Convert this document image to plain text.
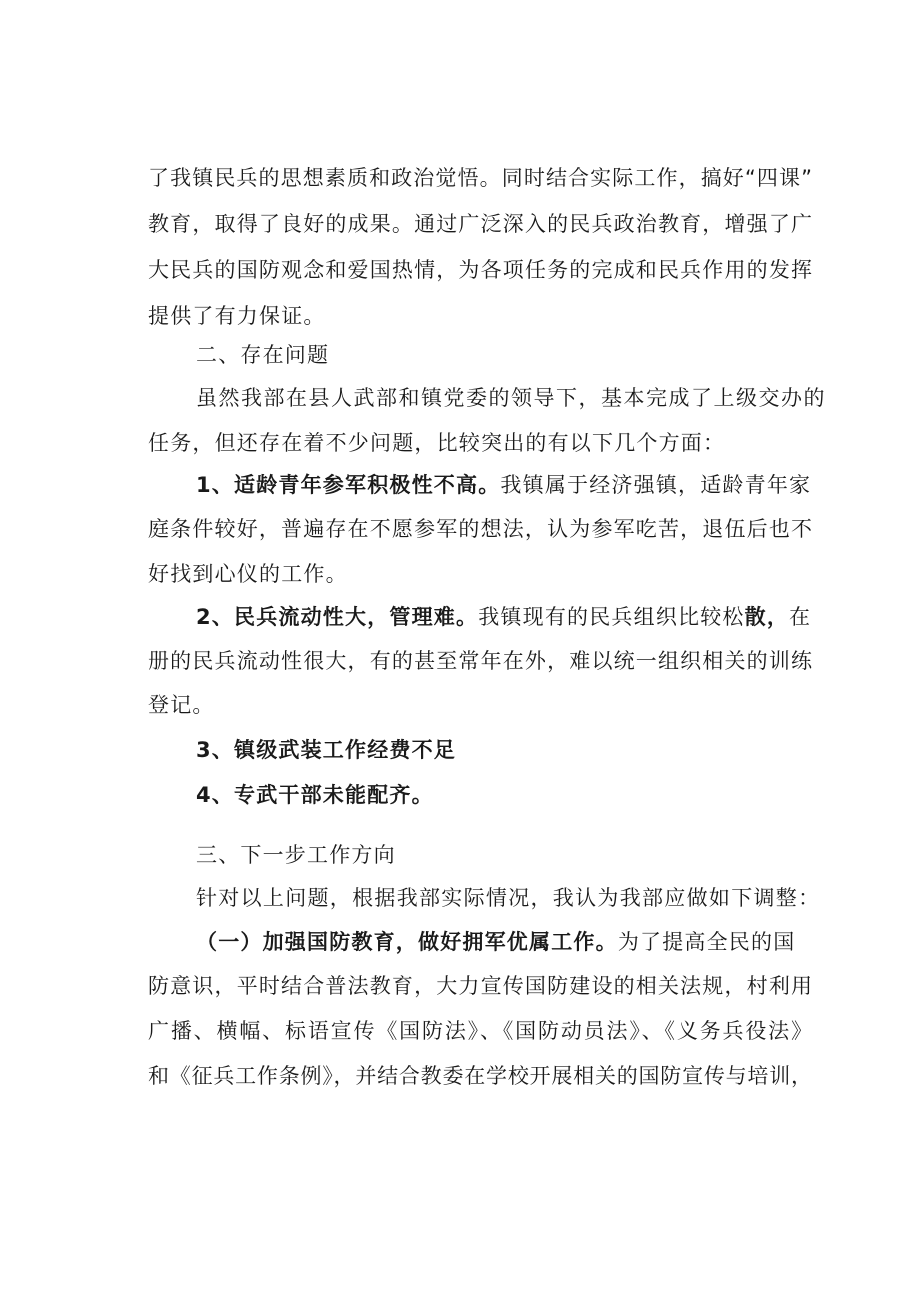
了我镇民兵的思想素质和政治觉悟。同时结合实际工作，搞好“四课”
教育，取得了良好的成果。通过广泛深入的民兵政治教育，增强了广
大民兵的国防观念和爱国热情，为各项任务的完成和民兵作用的发挥
提供了有力保证。
二、存在问题
虽然我部在县人武部和镇党委的领导下，基本完成了上级交办的
任务，但还存在着不少问题，比较突出的有以下几个方面：
1、适龄青年参军积极性不高。我镇属于经济强镇，适龄青年家
庭条件较好，普遍存在不愿参军的想法，认为参军吃苦，退伍后也不
好找到心仪的工作。
2、民兵流动性大，管理难。我镇现有的民兵组织比较松散，在
册的民兵流动性很大，有的甚至常年在外，难以统一组织相关的训练
登记。
3、镇级武装工作经费不足
4、专武干部未能配齐。
三、下一步工作方向
针对以上问题，根据我部实际情况，我认为我部应做如下调整：
（一）加强国防教育，做好拥军优属工作。为了提高全民的国
防意识，平时结合普法教育，大力宣传国防建设的相关法规，村利用
广播、横幅、标语宣传《国防法》、《国防动员法》、《义务兵役法》
和《征兵工作条例》，并结合教委在学校开展相关的国防宣传与培训，
